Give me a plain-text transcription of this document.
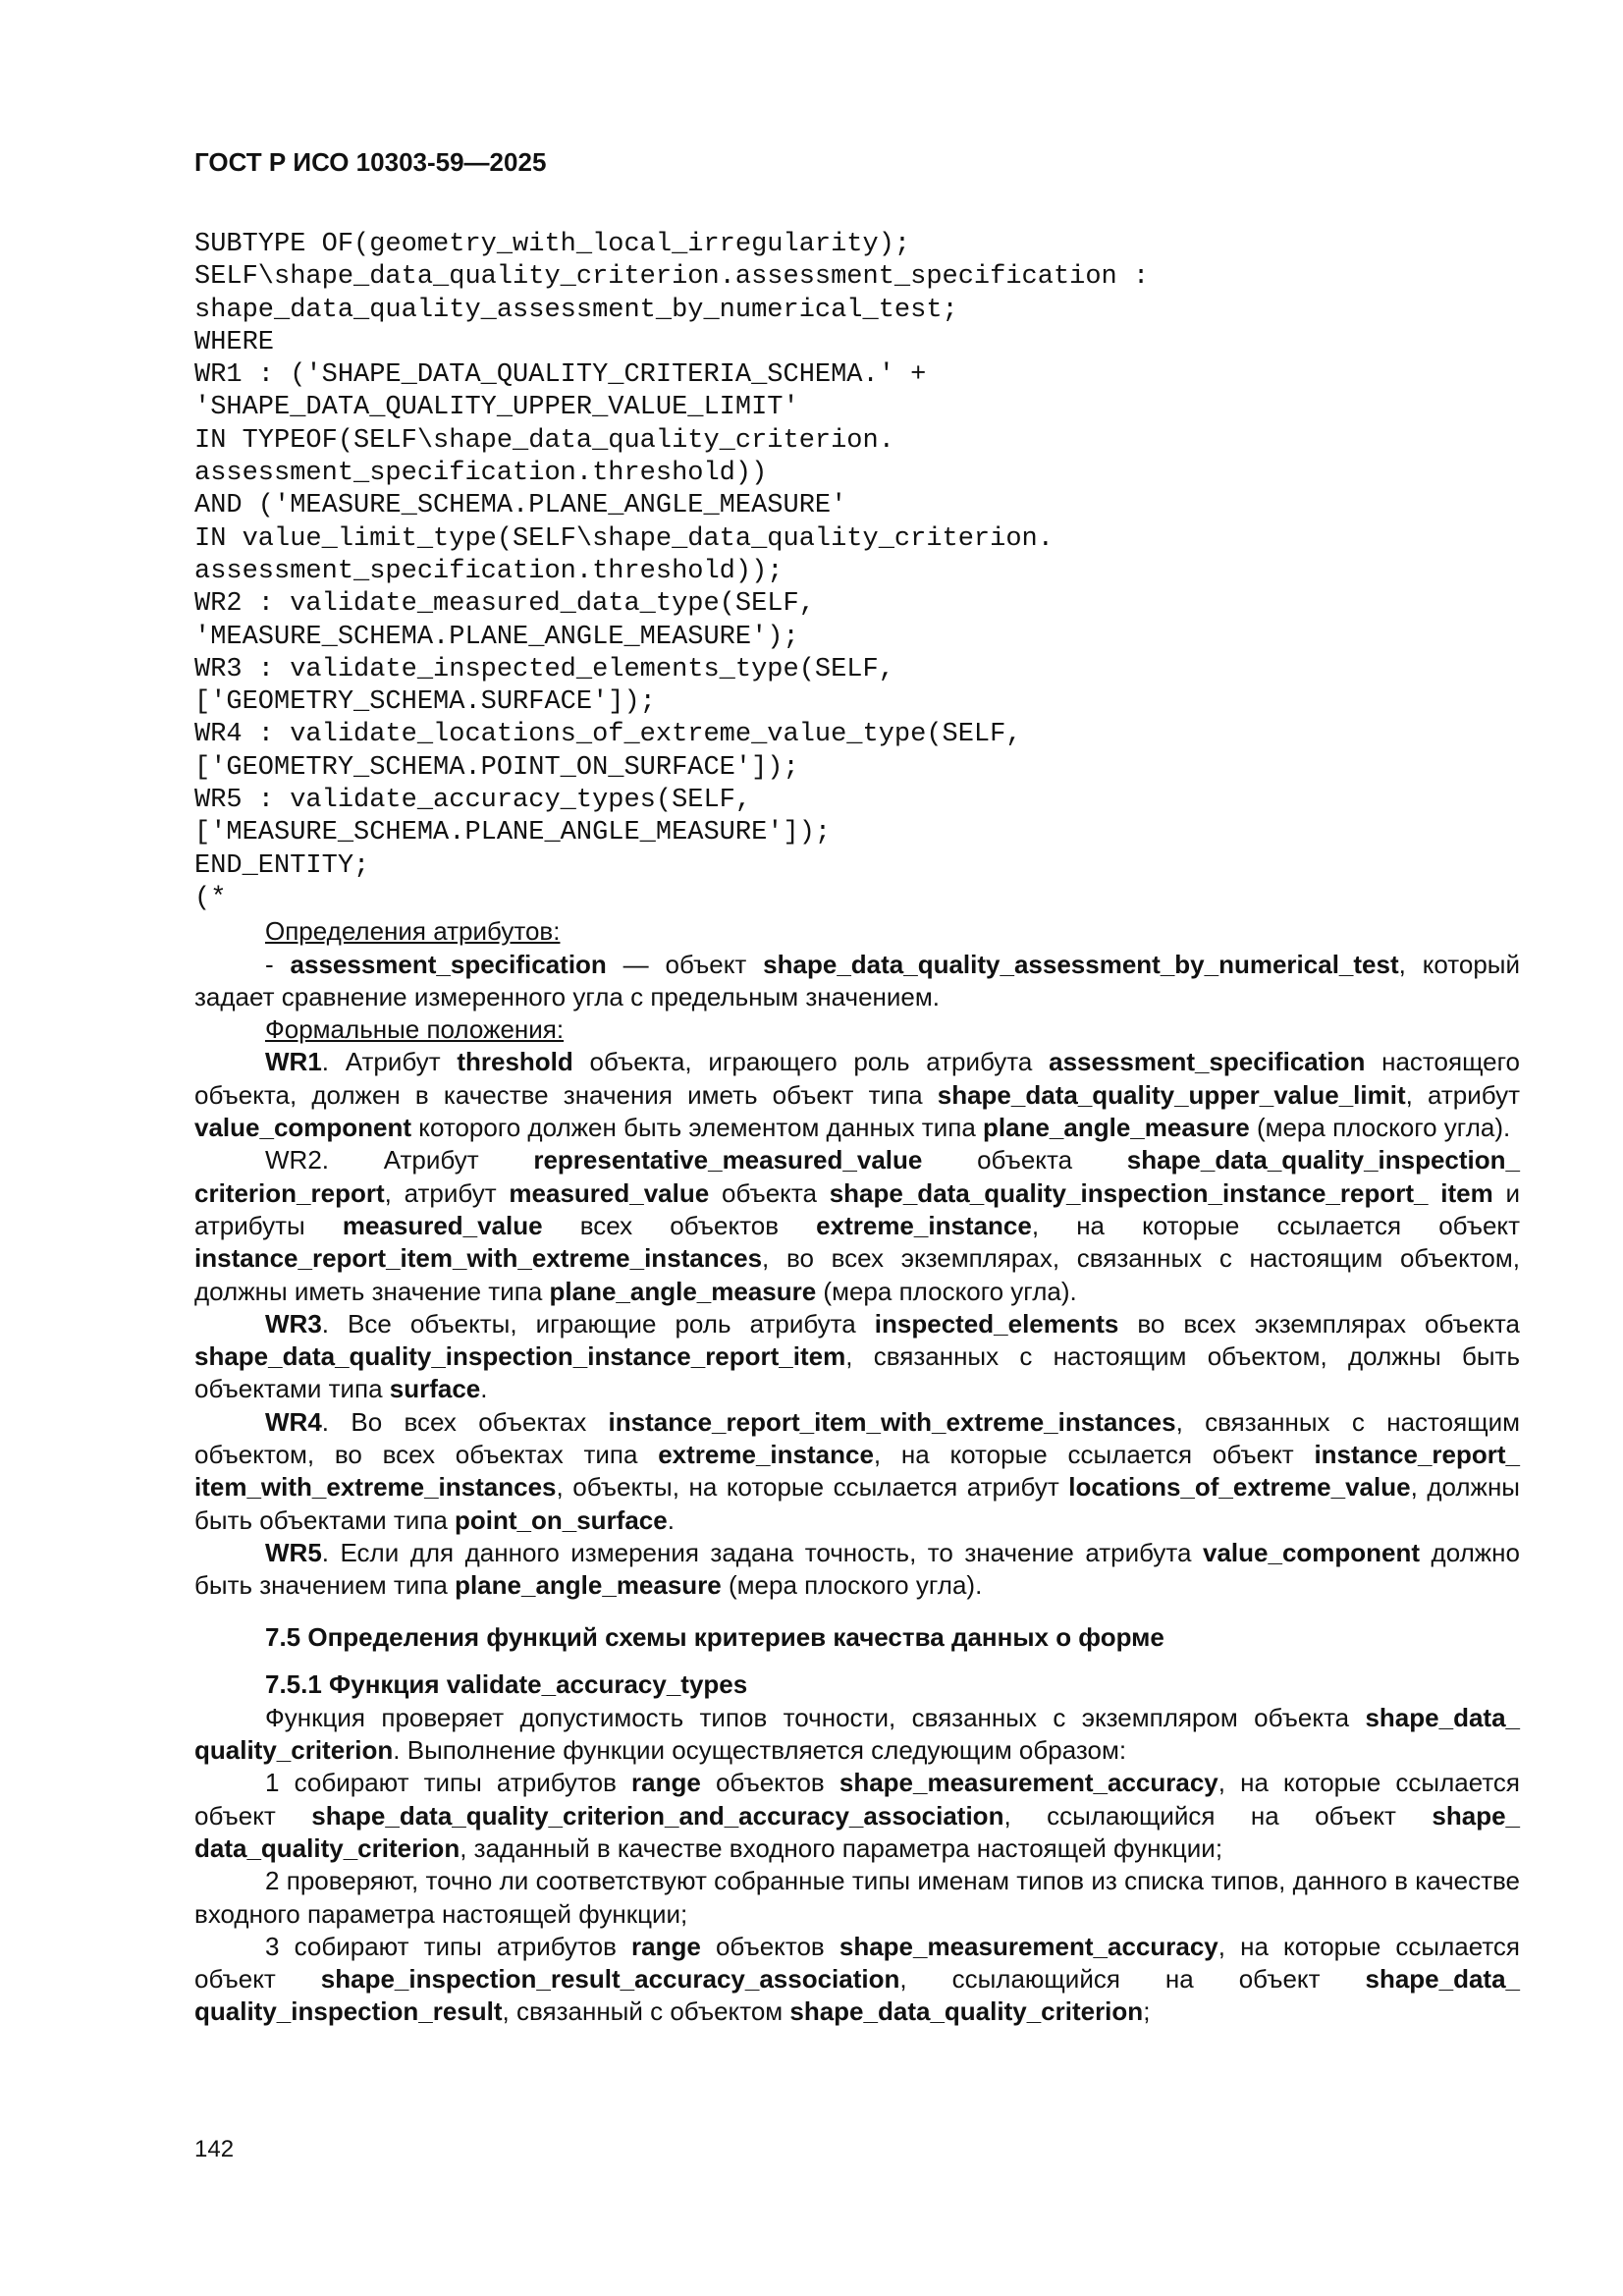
ГОСТ Р ИСО 10303-59—2025
SUBTYPE OF(geometry_with_local_irregularity);
SELF\shape_data_quality_criterion.assessment_specification :
shape_data_quality_assessment_by_numerical_test;
WHERE
WR1 : ('SHAPE_DATA_QUALITY_CRITERIA_SCHEMA.' +
'SHAPE_DATA_QUALITY_UPPER_VALUE_LIMIT'
IN TYPEOF(SELF\shape_data_quality_criterion.
assessment_specification.threshold))
AND ('MEASURE_SCHEMA.PLANE_ANGLE_MEASURE'
IN value_limit_type(SELF\shape_data_quality_criterion.
assessment_specification.threshold));
WR2 : validate_measured_data_type(SELF,
'MEASURE_SCHEMA.PLANE_ANGLE_MEASURE');
WR3 : validate_inspected_elements_type(SELF,
['GEOMETRY_SCHEMA.SURFACE']);
WR4 : validate_locations_of_extreme_value_type(SELF,
['GEOMETRY_SCHEMA.POINT_ON_SURFACE']);
WR5 : validate_accuracy_types(SELF,
['MEASURE_SCHEMA.PLANE_ANGLE_MEASURE']);
END_ENTITY;
(*

Определения атрибутов:

- assessment_specification — объект shape_data_quality_assessment_by_numerical_test, который задает сравнение измеренного угла с предельным значением.

Формальные положения:

WR1. Атрибут threshold объекта, играющего роль атрибута assessment_specification настоящего объекта, должен в качестве значения иметь объект типа shape_data_quality_upper_value_limit, атрибут value_component которого должен быть элементом данных типа plane_angle_measure (мера плоского угла).

WR2. Атрибут representative_measured_value объекта shape_data_quality_inspection_ criterion_report, атрибут measured_value объекта shape_data_quality_inspection_instance_report_ item и атрибуты measured_value всех объектов extreme_instance, на которые ссылается объект instance_report_item_with_extreme_instances, во всех экземплярах, связанных с настоящим объектом, должны иметь значение типа plane_angle_measure (мера плоского угла).

WR3. Все объекты, играющие роль атрибута inspected_elements во всех экземплярах объекта shape_data_quality_inspection_instance_report_item, связанных с настоящим объектом, должны быть объектами типа surface.

WR4. Во всех объектах instance_report_item_with_extreme_instances, связанных с настоящим объектом, во всех объектах типа extreme_instance, на которые ссылается объект instance_report_ item_with_extreme_instances, объекты, на которые ссылается атрибут locations_of_extreme_value, должны быть объектами типа point_on_surface.

WR5. Если для данного измерения задана точность, то значение атрибута value_component должно быть значением типа plane_angle_measure (мера плоского угла).

7.5 Определения функций схемы критериев качества данных о форме
7.5.1 Функция validate_accuracy_types

Функция проверяет допустимость типов точности, связанных с экземпляром объекта shape_data_ quality_criterion. Выполнение функции осуществляется следующим образом:

1 собирают типы атрибутов range объектов shape_measurement_accuracy, на которые ссылается объект shape_data_quality_criterion_and_accuracy_association, ссылающийся на объект shape_ data_quality_criterion, заданный в качестве входного параметра настоящей функции;

2 проверяют, точно ли соответствуют собранные типы именам типов из списка типов, данного в качестве входного параметра настоящей функции;

3 собирают типы атрибутов range объектов shape_measurement_accuracy, на которые ссылается объект shape_inspection_result_accuracy_association, ссылающийся на объект shape_data_ quality_inspection_result, связанный с объектом shape_data_quality_criterion;

142
